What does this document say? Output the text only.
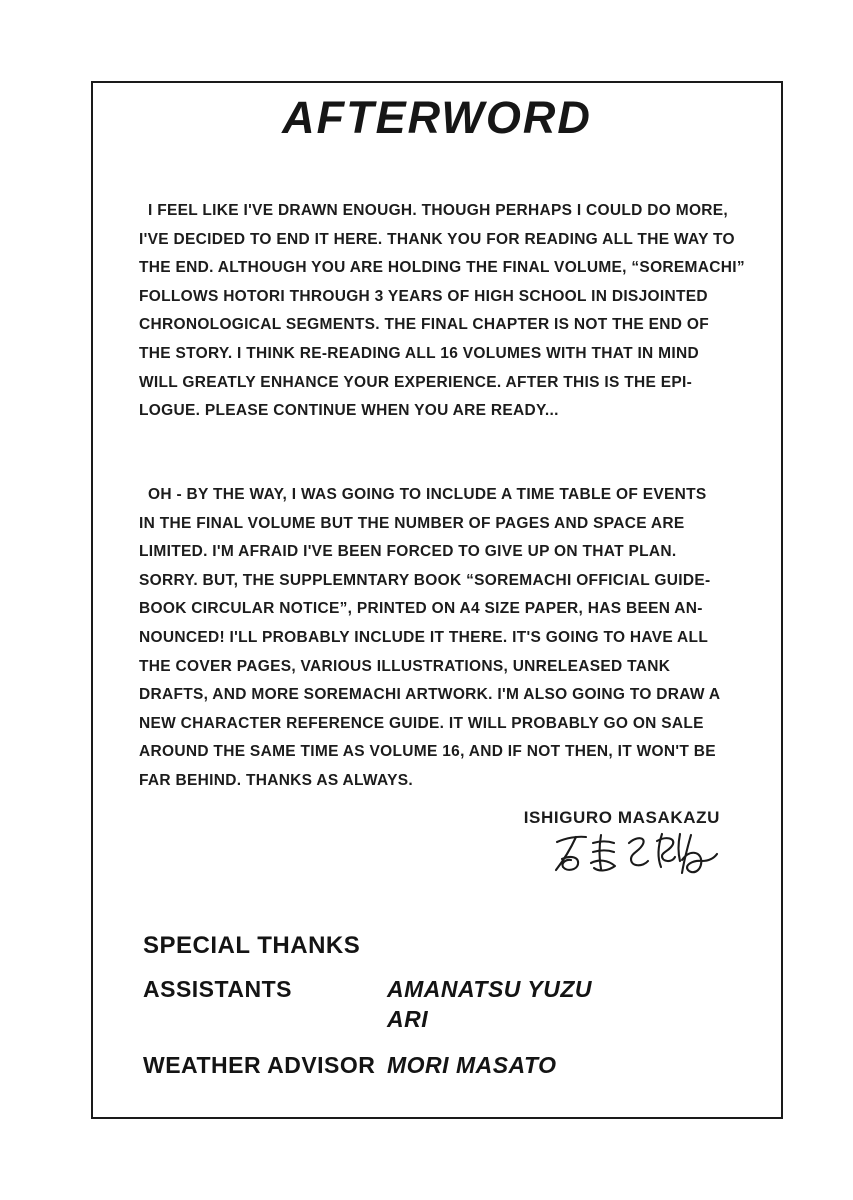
AFTERWORD
I FEEL LIKE I'VE DRAWN ENOUGH. THOUGH PERHAPS I COULD DO MORE,
I'VE DECIDED TO END IT HERE. THANK YOU FOR READING ALL THE WAY TO
THE END. ALTHOUGH YOU ARE HOLDING THE FINAL VOLUME, “SOREMACHI”
FOLLOWS HOTORI THROUGH 3 YEARS OF HIGH SCHOOL IN DISJOINTED
CHRONOLOGICAL SEGMENTS. THE FINAL CHAPTER IS NOT THE END OF
THE STORY. I THINK RE-READING ALL 16 VOLUMES WITH THAT IN MIND
WILL GREATLY ENHANCE YOUR EXPERIENCE. AFTER THIS IS THE EPI-
LOGUE. PLEASE CONTINUE WHEN YOU ARE READY...
OH - BY THE WAY, I WAS GOING TO INCLUDE A TIME TABLE OF EVENTS
IN THE FINAL VOLUME BUT THE NUMBER OF PAGES AND SPACE ARE
LIMITED. I'M AFRAID I'VE BEEN FORCED TO GIVE UP ON THAT PLAN.
SORRY. BUT, THE SUPPLEMNTARY BOOK “SOREMACHI OFFICIAL GUIDE-
BOOK CIRCULAR NOTICE”, PRINTED ON A4 SIZE PAPER, HAS BEEN AN-
NOUNCED! I'LL PROBABLY INCLUDE IT THERE. IT'S GOING TO HAVE ALL
THE COVER PAGES, VARIOUS ILLUSTRATIONS, UNRELEASED TANK
DRAFTS, AND MORE SOREMACHI ARTWORK. I'M ALSO GOING TO DRAW A
NEW CHARACTER REFERENCE GUIDE. IT WILL PROBABLY GO ON SALE
AROUND THE SAME TIME AS VOLUME 16, AND IF NOT THEN, IT WON'T BE
FAR BEHIND. THANKS AS ALWAYS.
ISHIGURO MASAKAZU
SPECIAL THANKS
ASSISTANTS	AMANATSU YUZU
ARI
WEATHER ADVISOR MORI MASATO
